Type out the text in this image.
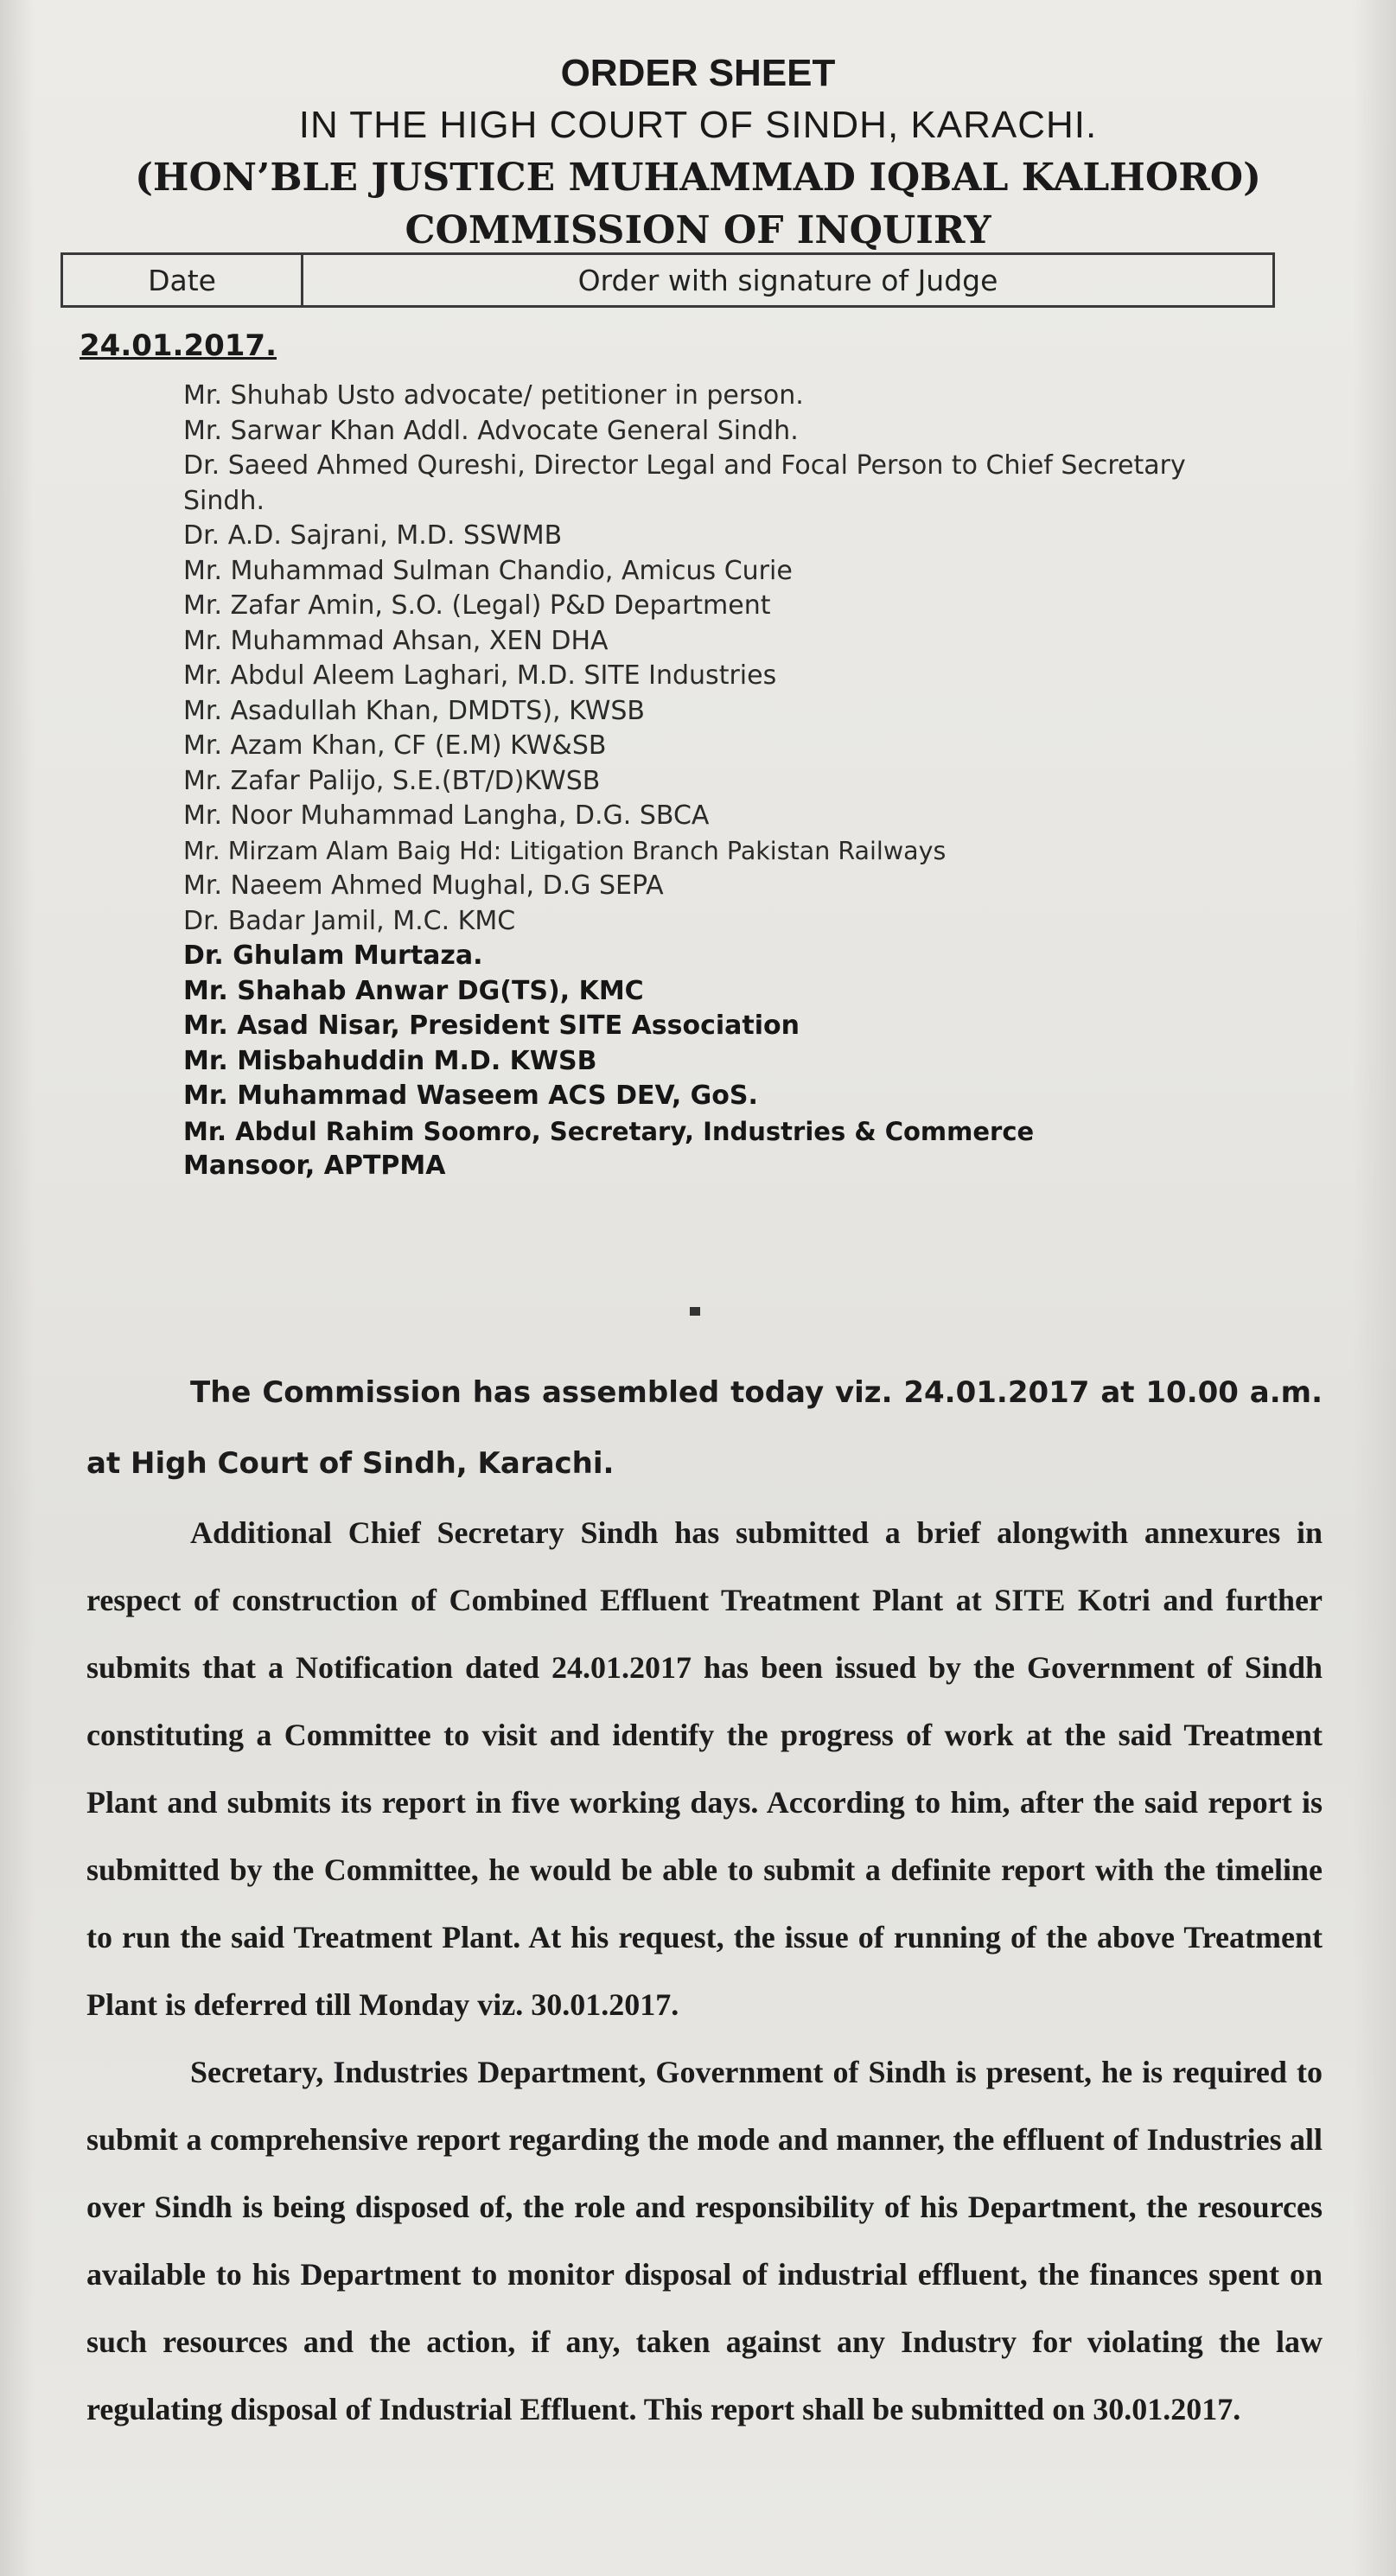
ORDER SHEET
IN THE HIGH COURT OF SINDH, KARACHI.
(HON’BLE JUSTICE MUHAMMAD IQBAL KALHORO)
COMMISSION OF INQUIRY
Date	Order with signature of Judge
24.01.2017.
Mr. Shuhab Usto advocate/ petitioner in person.
Mr. Sarwar Khan Addl. Advocate General Sindh.
Dr. Saeed Ahmed Qureshi, Director Legal and Focal Person to Chief Secretary Sindh.
Dr. A.D. Sajrani, M.D. SSWMB
Mr. Muhammad Sulman Chandio, Amicus Curie
Mr. Zafar Amin, S.O. (Legal) P&D Department
Mr. Muhammad Ahsan, XEN DHA
Mr. Abdul Aleem Laghari, M.D. SITE Industries
Mr. Asadullah Khan, DMDTS), KWSB
Mr. Azam Khan, CF (E.M) KW&SB
Mr. Zafar Palijo, S.E.(BT/D)KWSB
Mr. Noor Muhammad Langha, D.G. SBCA
Mr. Mirzam Alam Baig Hd: Litigation Branch Pakistan Railways
Mr. Naeem Ahmed Mughal, D.G SEPA
Dr. Badar Jamil, M.C. KMC
Dr. Ghulam Murtaza.
Mr. Shahab Anwar DG(TS), KMC
Mr. Asad Nisar, President SITE Association
Mr. Misbahuddin M.D. KWSB
Mr. Muhammad Waseem ACS DEV, GoS.
Mr. Abdul Rahim Soomro, Secretary, Industries & Commerce
Mansoor, APTPMA

The Commission has assembled today viz. 24.01.2017 at 10.00 a.m. at High Court of Sindh, Karachi.

Additional Chief Secretary Sindh has submitted a brief alongwith annexures in respect of construction of Combined Effluent Treatment Plant at SITE Kotri and further submits that a Notification dated 24.01.2017 has been issued by the Government of Sindh constituting a Committee to visit and identify the progress of work at the said Treatment Plant and submits its report in five working days. According to him, after the said report is submitted by the Committee, he would be able to submit a definite report with the timeline to run the said Treatment Plant. At his request, the issue of running of the above Treatment Plant is deferred till Monday viz. 30.01.2017.

Secretary, Industries Department, Government of Sindh is present, he is required to submit a comprehensive report regarding the mode and manner, the effluent of Industries all over Sindh is being disposed of, the role and responsibility of his Department, the resources available to his Department to monitor disposal of industrial effluent, the finances spent on such resources and the action, if any, taken against any Industry for violating the law regulating disposal of Industrial Effluent. This report shall be submitted on 30.01.2017.
